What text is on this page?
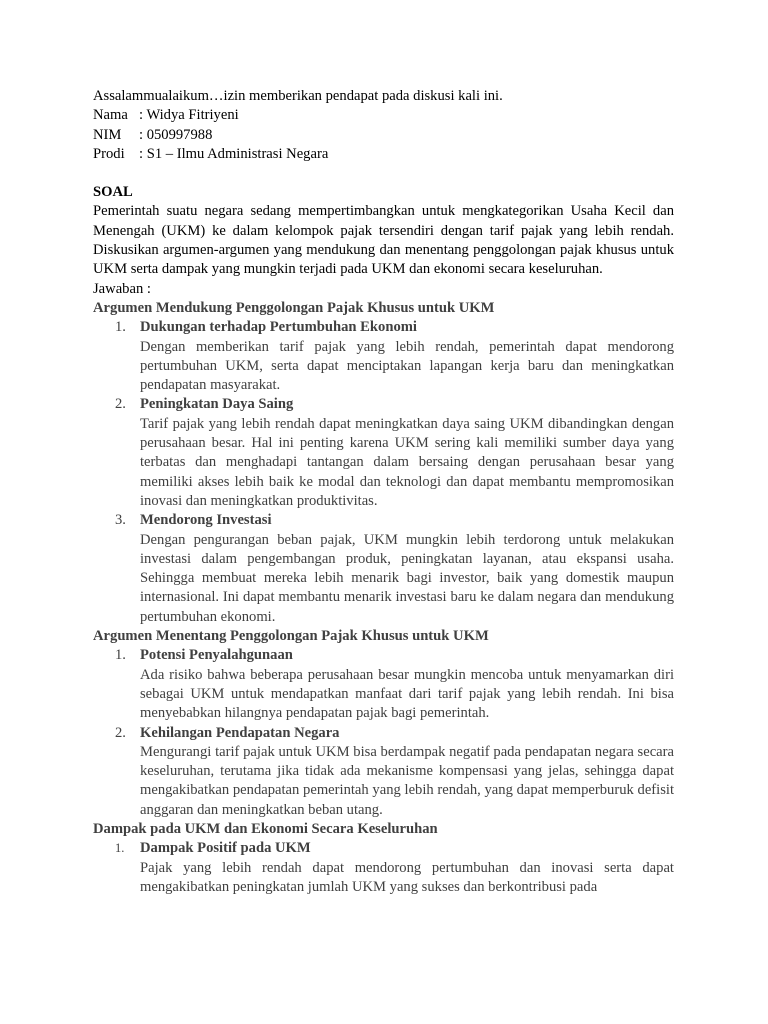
Assalammualaikum…izin memberikan pendapat pada diskusi kali ini.
Nama : Widya Fitriyeni
NIM	: 050997988
Prodi : S1 – Ilmu Administrasi Negara
SOAL
Pemerintah suatu negara sedang mempertimbangkan untuk mengkategorikan Usaha Kecil dan Menengah (UKM) ke dalam kelompok pajak tersendiri dengan tarif pajak yang lebih rendah. Diskusikan argumen-argumen yang mendukung dan menentang penggolongan pajak khusus untuk UKM serta dampak yang mungkin terjadi pada UKM dan ekonomi secara keseluruhan.
Jawaban :
Argumen Mendukung Penggolongan Pajak Khusus untuk UKM
1. Dukungan terhadap Pertumbuhan Ekonomi
Dengan memberikan tarif pajak yang lebih rendah, pemerintah dapat mendorong pertumbuhan UKM, serta dapat menciptakan lapangan kerja baru dan meningkatkan pendapatan masyarakat.
2. Peningkatan Daya Saing
Tarif pajak yang lebih rendah dapat meningkatkan daya saing UKM dibandingkan dengan perusahaan besar. Hal ini penting karena UKM sering kali memiliki sumber daya yang terbatas dan menghadapi tantangan dalam bersaing dengan perusahaan besar yang memiliki akses lebih baik ke modal dan teknologi dan dapat membantu mempromosikan inovasi dan meningkatkan produktivitas.
3. Mendorong Investasi
Dengan pengurangan beban pajak, UKM mungkin lebih terdorong untuk melakukan investasi dalam pengembangan produk, peningkatan layanan, atau ekspansi usaha. Sehingga membuat mereka lebih menarik bagi investor, baik yang domestik maupun internasional. Ini dapat membantu menarik investasi baru ke dalam negara dan mendukung pertumbuhan ekonomi.
Argumen Menentang Penggolongan Pajak Khusus untuk UKM
1. Potensi Penyalahgunaan
Ada risiko bahwa beberapa perusahaan besar mungkin mencoba untuk menyamarkan diri sebagai UKM untuk mendapatkan manfaat dari tarif pajak yang lebih rendah. Ini bisa menyebabkan hilangnya pendapatan pajak bagi pemerintah.
2. Kehilangan Pendapatan Negara
Mengurangi tarif pajak untuk UKM bisa berdampak negatif pada pendapatan negara secara keseluruhan, terutama jika tidak ada mekanisme kompensasi yang jelas, sehingga dapat mengakibatkan pendapatan pemerintah yang lebih rendah, yang dapat memperburuk defisit anggaran dan meningkatkan beban utang.
Dampak pada UKM dan Ekonomi Secara Keseluruhan
1. Dampak Positif pada UKM
Pajak yang lebih rendah dapat mendorong pertumbuhan dan inovasi serta dapat mengakibatkan peningkatan jumlah UKM yang sukses dan berkontribusi pada
